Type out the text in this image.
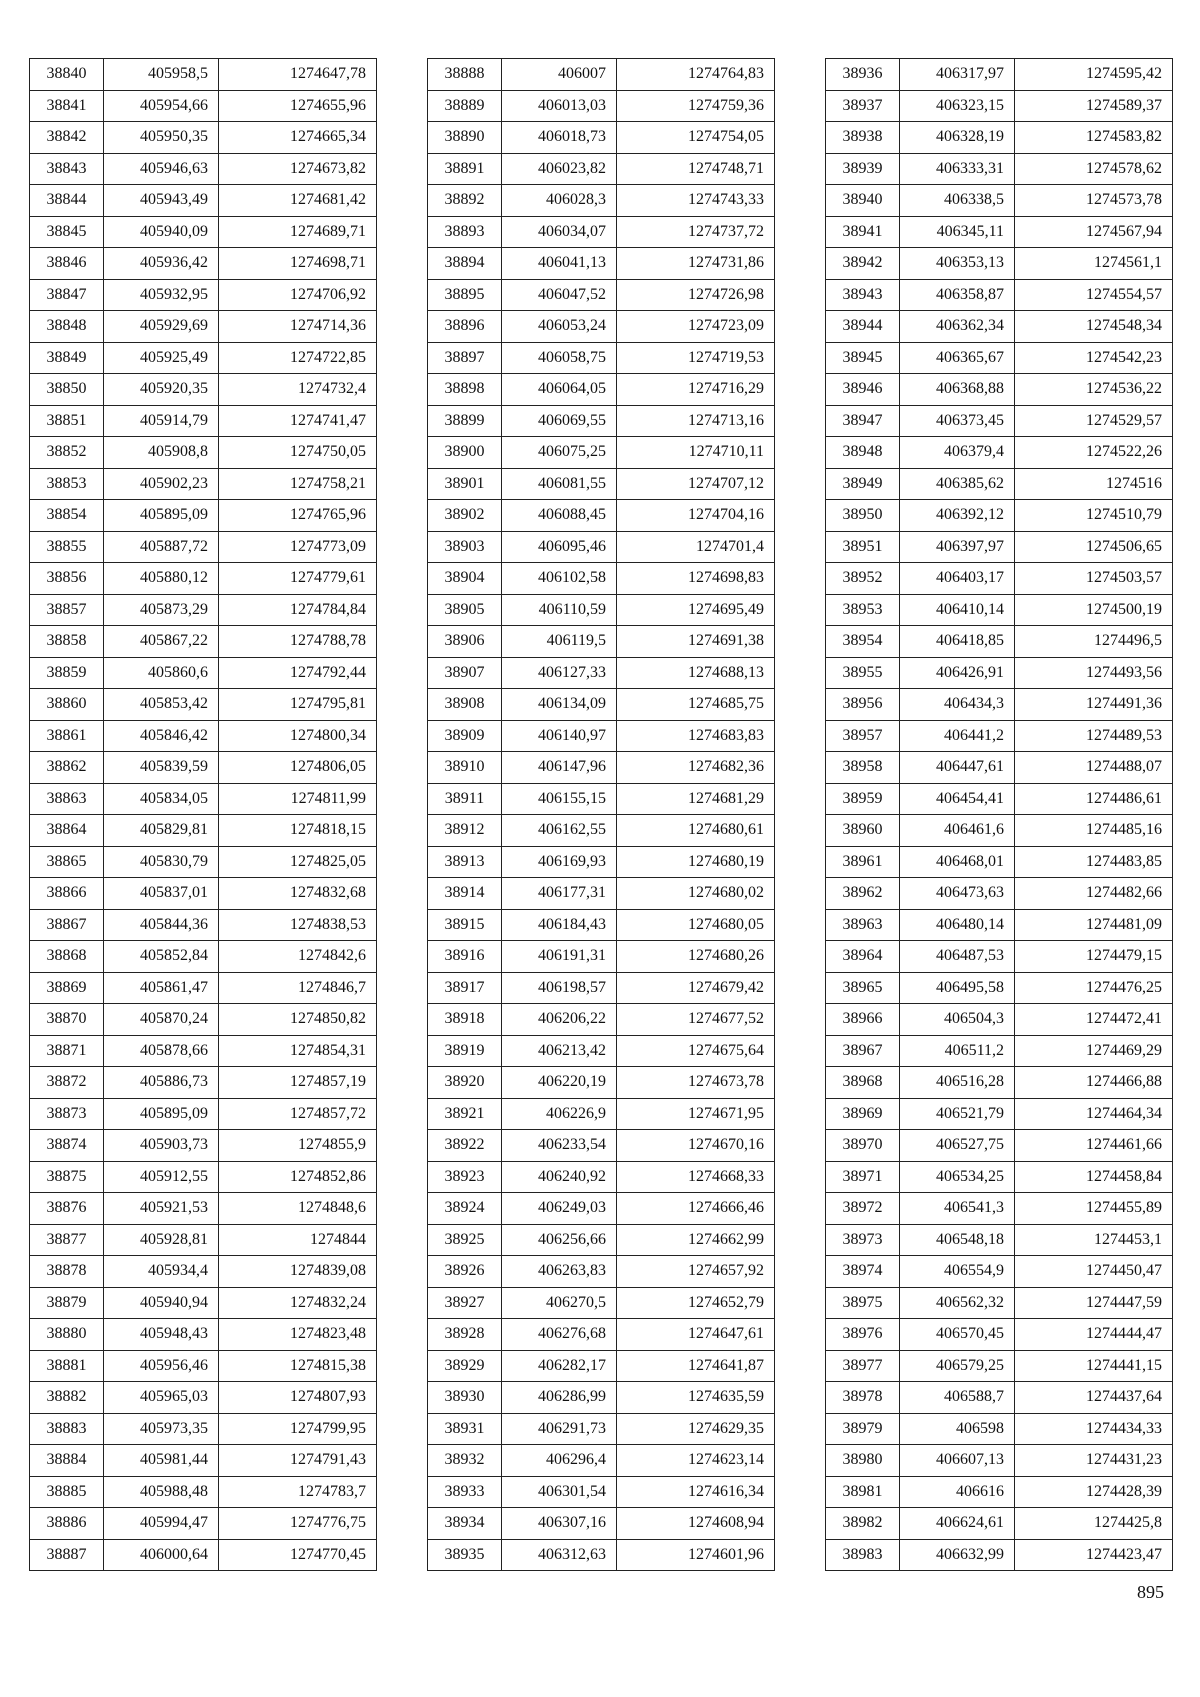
38840	405958,5	1274647,78
38841	405954,66	1274655,96
38842	405950,35	1274665,34
38843	405946,63	1274673,82
38844	405943,49	1274681,42
38845	405940,09	1274689,71
38846	405936,42	1274698,71
38847	405932,95	1274706,92
38848	405929,69	1274714,36
38849	405925,49	1274722,85
38850	405920,35	1274732,4
38851	405914,79	1274741,47
38852	405908,8	1274750,05
38853	405902,23	1274758,21
38854	405895,09	1274765,96
38855	405887,72	1274773,09
38856	405880,12	1274779,61
38857	405873,29	1274784,84
38858	405867,22	1274788,78
38859	405860,6	1274792,44
38860	405853,42	1274795,81
38861	405846,42	1274800,34
38862	405839,59	1274806,05
38863	405834,05	1274811,99
38864	405829,81	1274818,15
38865	405830,79	1274825,05
38866	405837,01	1274832,68
38867	405844,36	1274838,53
38868	405852,84	1274842,6
38869	405861,47	1274846,7
38870	405870,24	1274850,82
38871	405878,66	1274854,31
38872	405886,73	1274857,19
38873	405895,09	1274857,72
38874	405903,73	1274855,9
38875	405912,55	1274852,86
38876	405921,53	1274848,6
38877	405928,81	1274844
38878	405934,4	1274839,08
38879	405940,94	1274832,24
38880	405948,43	1274823,48
38881	405956,46	1274815,38
38882	405965,03	1274807,93
38883	405973,35	1274799,95
38884	405981,44	1274791,43
38885	405988,48	1274783,7
38886	405994,47	1274776,75
38887	406000,64	1274770,45
38888	406007	1274764,83
38889	406013,03	1274759,36
38890	406018,73	1274754,05
38891	406023,82	1274748,71
38892	406028,3	1274743,33
38893	406034,07	1274737,72
38894	406041,13	1274731,86
38895	406047,52	1274726,98
38896	406053,24	1274723,09
38897	406058,75	1274719,53
38898	406064,05	1274716,29
38899	406069,55	1274713,16
38900	406075,25	1274710,11
38901	406081,55	1274707,12
38902	406088,45	1274704,16
38903	406095,46	1274701,4
38904	406102,58	1274698,83
38905	406110,59	1274695,49
38906	406119,5	1274691,38
38907	406127,33	1274688,13
38908	406134,09	1274685,75
38909	406140,97	1274683,83
38910	406147,96	1274682,36
38911	406155,15	1274681,29
38912	406162,55	1274680,61
38913	406169,93	1274680,19
38914	406177,31	1274680,02
38915	406184,43	1274680,05
38916	406191,31	1274680,26
38917	406198,57	1274679,42
38918	406206,22	1274677,52
38919	406213,42	1274675,64
38920	406220,19	1274673,78
38921	406226,9	1274671,95
38922	406233,54	1274670,16
38923	406240,92	1274668,33
38924	406249,03	1274666,46
38925	406256,66	1274662,99
38926	406263,83	1274657,92
38927	406270,5	1274652,79
38928	406276,68	1274647,61
38929	406282,17	1274641,87
38930	406286,99	1274635,59
38931	406291,73	1274629,35
38932	406296,4	1274623,14
38933	406301,54	1274616,34
38934	406307,16	1274608,94
38935	406312,63	1274601,96
38936	406317,97	1274595,42
38937	406323,15	1274589,37
38938	406328,19	1274583,82
38939	406333,31	1274578,62
38940	406338,5	1274573,78
38941	406345,11	1274567,94
38942	406353,13	1274561,1
38943	406358,87	1274554,57
38944	406362,34	1274548,34
38945	406365,67	1274542,23
38946	406368,88	1274536,22
38947	406373,45	1274529,57
38948	406379,4	1274522,26
38949	406385,62	1274516
38950	406392,12	1274510,79
38951	406397,97	1274506,65
38952	406403,17	1274503,57
38953	406410,14	1274500,19
38954	406418,85	1274496,5
38955	406426,91	1274493,56
38956	406434,3	1274491,36
38957	406441,2	1274489,53
38958	406447,61	1274488,07
38959	406454,41	1274486,61
38960	406461,6	1274485,16
38961	406468,01	1274483,85
38962	406473,63	1274482,66
38963	406480,14	1274481,09
38964	406487,53	1274479,15
38965	406495,58	1274476,25
38966	406504,3	1274472,41
38967	406511,2	1274469,29
38968	406516,28	1274466,88
38969	406521,79	1274464,34
38970	406527,75	1274461,66
38971	406534,25	1274458,84
38972	406541,3	1274455,89
38973	406548,18	1274453,1
38974	406554,9	1274450,47
38975	406562,32	1274447,59
38976	406570,45	1274444,47
38977	406579,25	1274441,15
38978	406588,7	1274437,64
38979	406598	1274434,33
38980	406607,13	1274431,23
38981	406616	1274428,39
38982	406624,61	1274425,8
38983	406632,99	1274423,47
895
